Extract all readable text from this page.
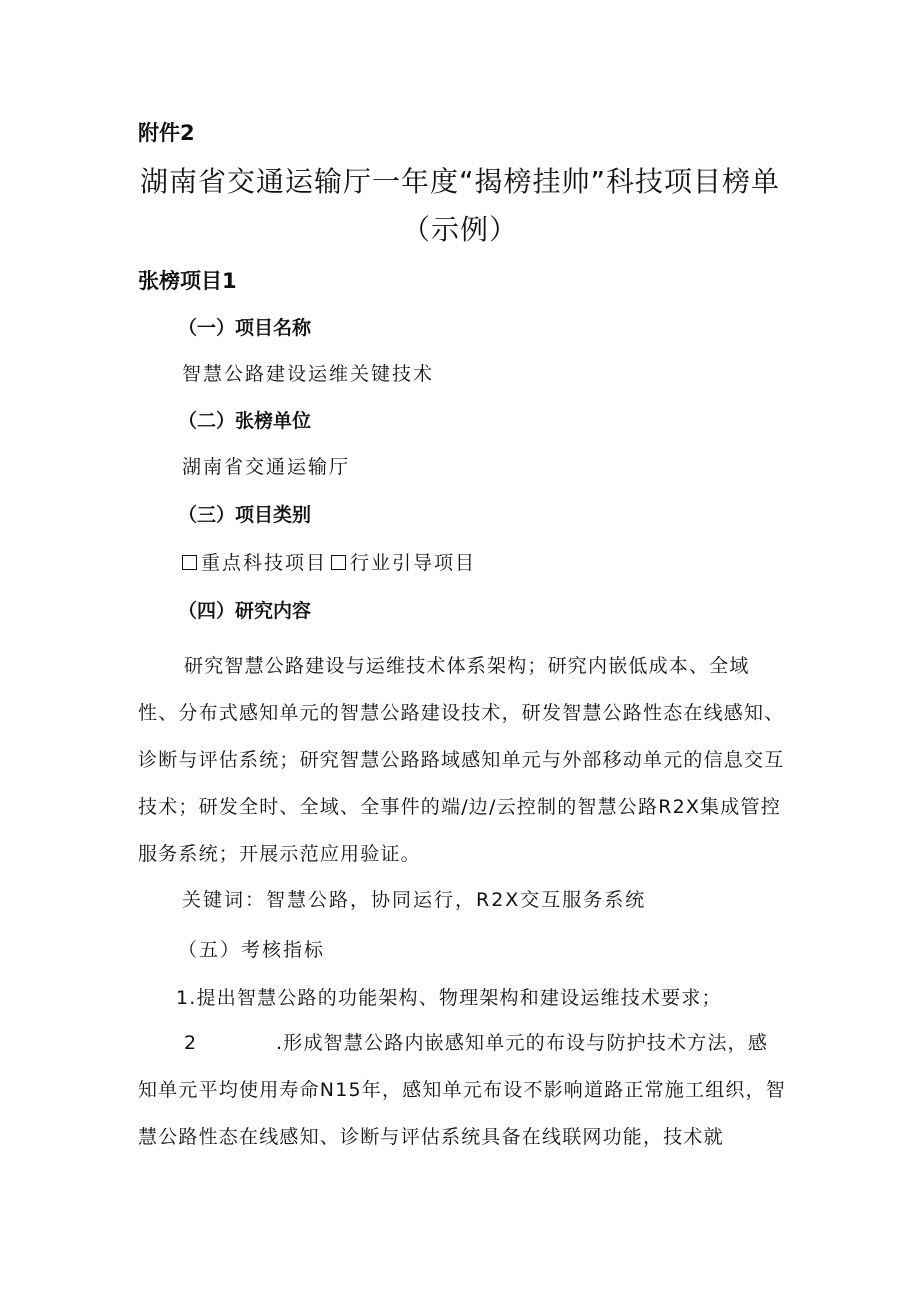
附件2
湖南省交通运输厅一年度“揭榜挂帅”科技项目榜单
（示例）
张榜项目1
（一）项目名称
智慧公路建设运维关键技术
（二）张榜单位
湖南省交通运输厅
（三）项目类别
重点科技项目 行业引导项目
（四）研究内容

研究智慧公路建设与运维技术体系架构；研究内嵌低成本、全域性、分布式感知单元的智慧公路建设技术，研发智慧公路性态在线感知、诊断与评估系统；研究智慧公路路域感知单元与外部移动单元的信息交互技术；研发全时、全域、全事件的端/边/云控制的智慧公路R2X集成管控服务系统；开展示范应用验证。

关键词：智慧公路，协同运行，R2X交互服务系统
（五）考核指标
1.提出智慧公路的功能架构、物理架构和建设运维技术要求；

2	.形成智慧公路内嵌感知单元的布设与防护技术方法，感知单元平均使用寿命N15年，感知单元布设不影响道路正常施工组织，智慧公路性态在线感知、诊断与评估系统具备在线联网功能，技术就
